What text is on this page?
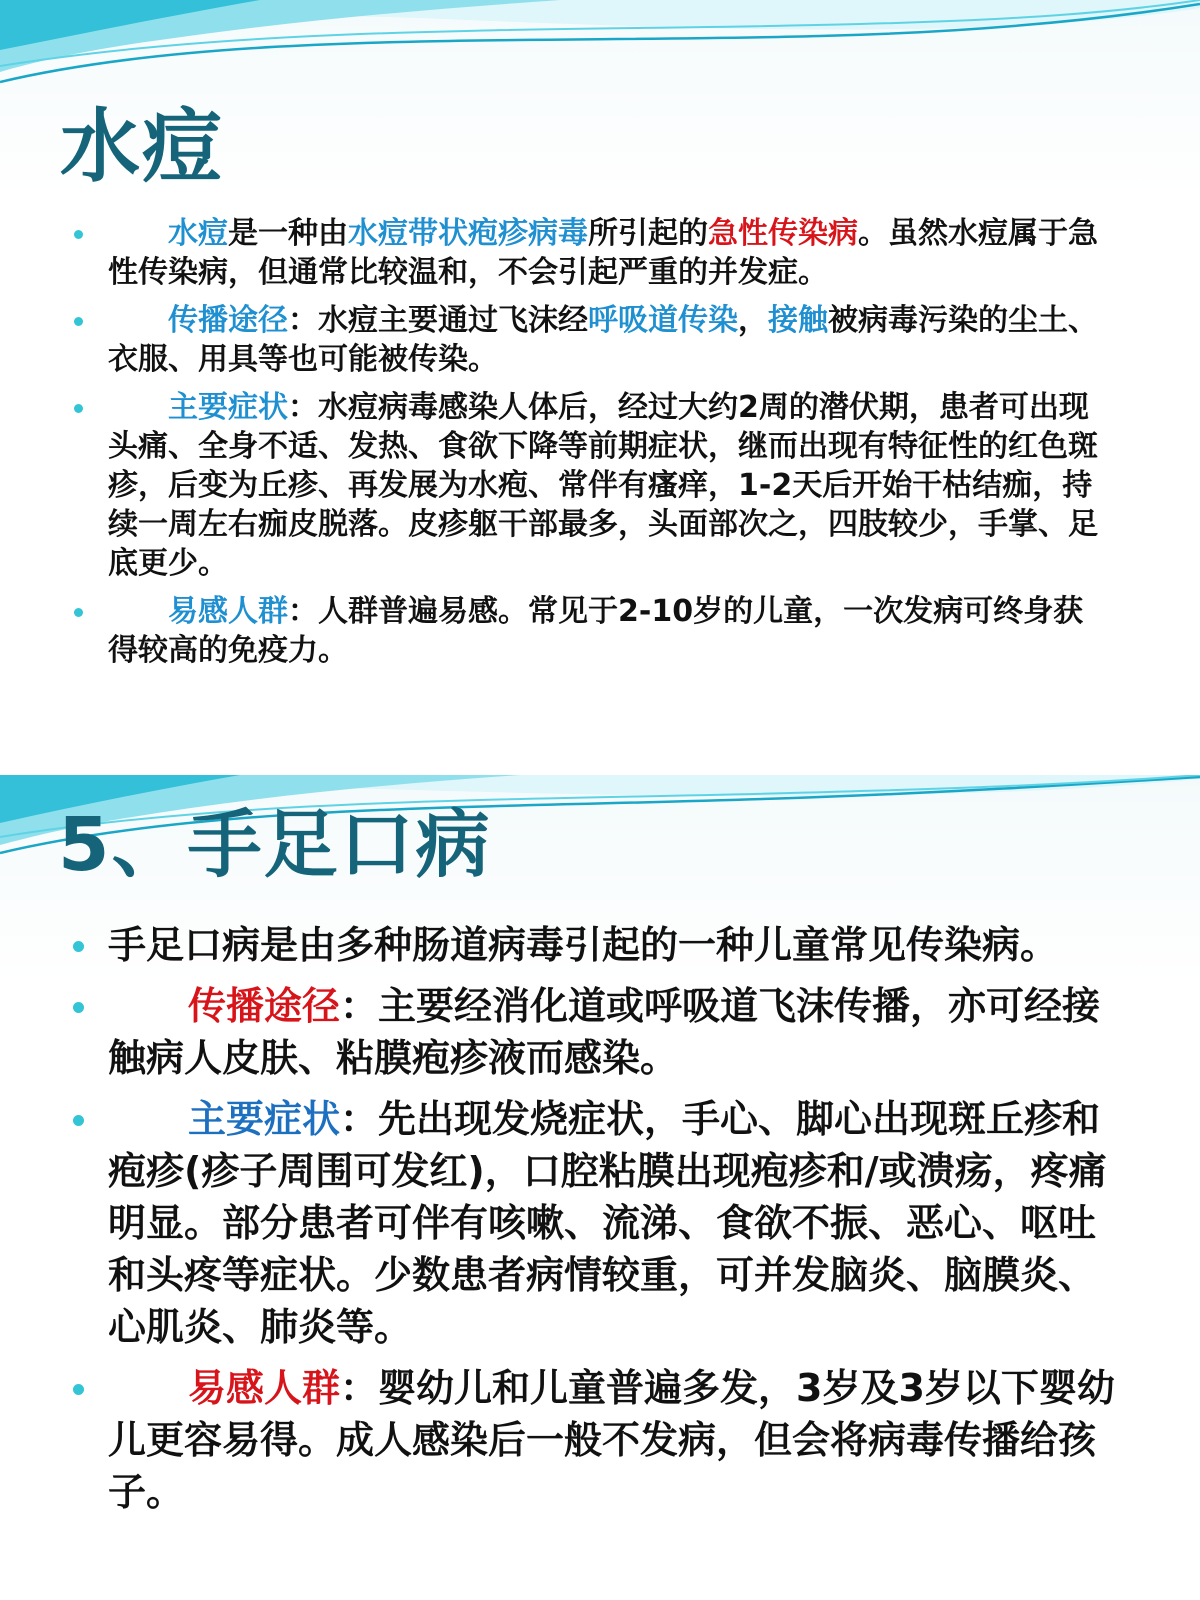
水痘
水痘是一种由水痘带状疱疹病毒所引起的急性传染病。虽然水痘属于急性传染病，但通常比较温和，不会引起严重的并发症。
传播途径：水痘主要通过飞沫经呼吸道传染，接触被病毒污染的尘土、衣服、用具等也可能被传染。
主要症状：水痘病毒感染人体后，经过大约2周的潜伏期，患者可出现头痛、全身不适、发热、食欲下降等前期症状，继而出现有特征性的红色斑疹，后变为丘疹、再发展为水疱、常伴有瘙痒，1-2天后开始干枯结痂，持续一周左右痂皮脱落。皮疹躯干部最多，头面部次之，四肢较少，手掌、足底更少。
易感人群：人群普遍易感。常见于2-10岁的儿童，一次发病可终身获得较高的免疫力。
5、手足口病
手足口病是由多种肠道病毒引起的一种儿童常见传染病。
传播途径：主要经消化道或呼吸道飞沫传播，亦可经接触病人皮肤、粘膜疱疹液而感染。
主要症状：先出现发烧症状，手心、脚心出现斑丘疹和疱疹(疹子周围可发红)，口腔粘膜出现疱疹和/或溃疡，疼痛明显。部分患者可伴有咳嗽、流涕、食欲不振、恶心、呕吐和头疼等症状。少数患者病情较重，可并发脑炎、脑膜炎、心肌炎、肺炎等。
易感人群：婴幼儿和儿童普遍多发，3岁及3岁以下婴幼儿更容易得。成人感染后一般不发病，但会将病毒传播给孩子。
